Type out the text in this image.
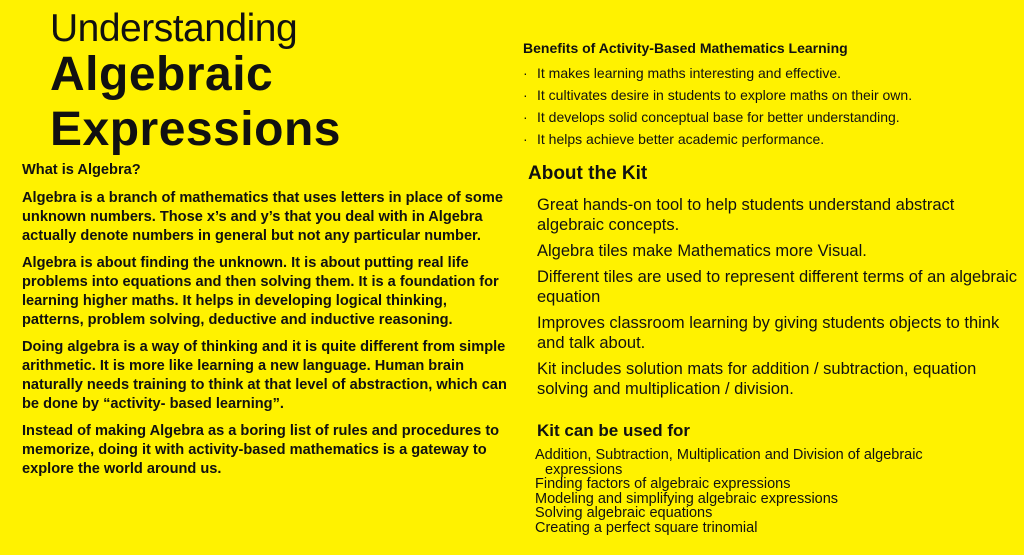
Understanding
Algebraic
Expressions
What is Algebra?

Algebra is a branch of mathematics that uses letters in place of some unknown numbers. Those x’s and y’s that you deal with in Algebra actually denote numbers in general but not any particular number.

Algebra is about finding the unknown. It is about putting real life problems into equations and then solving them. It is a foundation for learning higher maths. It helps in developing logical thinking, patterns, problem solving, deductive and inductive reasoning.

Doing algebra is a way of thinking and it is quite different from simple arithmetic. It is more like learning a new language. Human brain naturally needs training to think at that level of abstraction, which can be done by “activity- based learning”.

Instead of making Algebra as a boring list of rules and procedures to memorize, doing it with activity-based mathematics is a gateway to explore the world around us.

Benefits of Activity-Based Mathematics Learning
· It makes learning maths interesting and effective.
· It cultivates desire in students to explore maths on their own.
· It develops solid conceptual base for better understanding.
· It helps achieve better academic performance.
About the Kit
Great hands-on tool to help students understand abstract algebraic concepts.
Algebra tiles make Mathematics more Visual.
Different tiles are used to represent different terms of an algebraic equation
Improves classroom learning by giving students objects to think and talk about.
Kit includes solution mats for addition / subtraction, equation solving and multiplication / division.
Kit can be used for
Addition, Subtraction, Multiplication and Division of algebraic
expressions
Finding factors of algebraic expressions
Modeling and simplifying algebraic expressions
Solving algebraic equations
Creating a perfect square trinomial
